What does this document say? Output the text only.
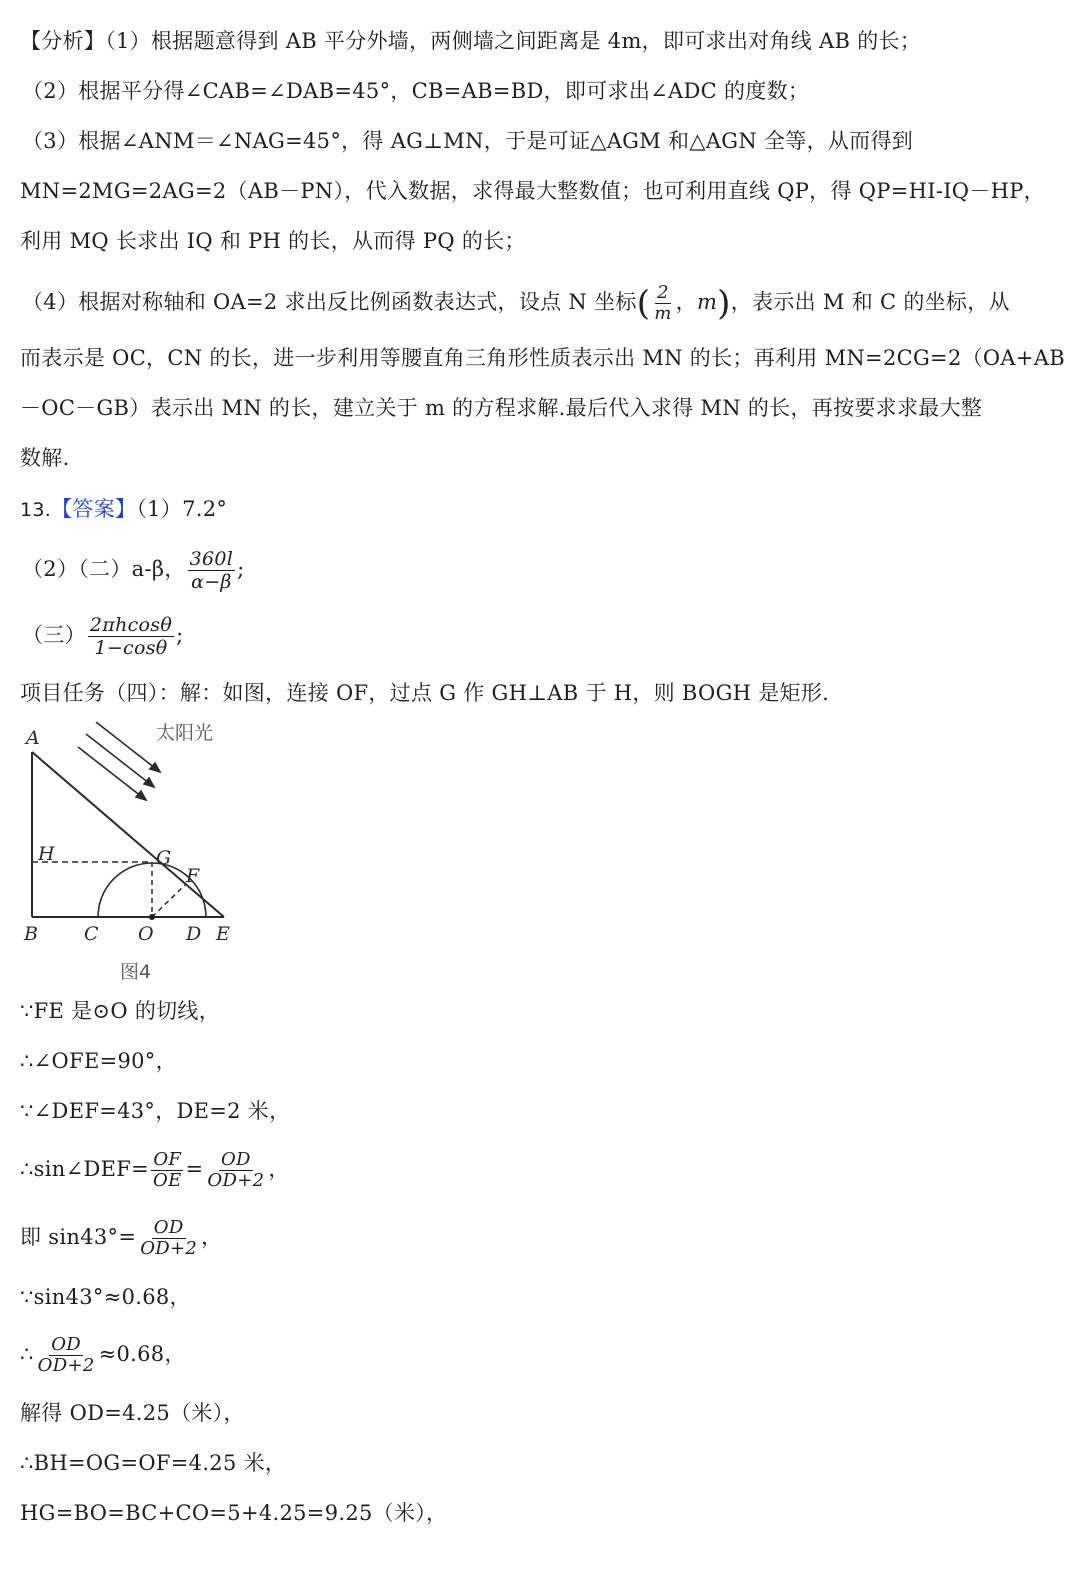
【分析】（1）根据题意得到 AB 平分外墙，两侧墙之间距离是 4m，即可求出对角线 AB 的长；
（2）根据平分得∠CAB=∠DAB=45°，CB=AB=BD，即可求出∠ADC 的度数；
（3）根据∠ANM＝∠NAG=45°，得 AG⊥MN，于是可证△AGM 和△AGN 全等，从而得到
MN=2MG=2AG=2（AB－PN），代入数据，求得最大整数值；也可利用直线 QP，得 QP=HI-IQ－HP，
利用 MQ 长求出 IQ 和 PH 的长，从而得 PQ 的长；
（4）根据对称轴和 OA=2 求出反比例函数表达式，设点 N 坐标( $\frac{2}{m}$ ，m)，表示出 M 和 C 的坐标，从
而表示是 OC，CN 的长，进一步利用等腰直角三角形性质表示出 MN 的长；再利用 MN=2CG=2（OA+AB
－OC－GB）表示出 MN 的长，建立关于 m 的方程求解.最后代入求得 MN 的长，再按要求求最大整
数解.
13.【答案】（1）7.2°
（2）（二）a-β， $\frac{360l}{\alpha-\beta}$ ;
（三） $\frac{2\pi hcos\theta}{1-\cos\theta}$ ;
项目任务（四）：解：如图，连接 OF，过点 G 作 GH⊥AB 于 H，则 BOGH 是矩形.
太阳光
A
H	G
F
B C O D E
图4
∵FE 是⊙O 的切线，
∴∠OFE=90°，
∵∠DEF=43°，DE=2 米，
∴sin∠DEF= $\frac{OF}{OE} = \frac{OD}{OD+2}$ ，
即 $\sin 43^\circ= \frac{OD}{OD+2}$ ，
∵sin43°≈0.68，
∴ $\frac{OD}{OD+2} \approx 0.68$，
解得 OD=4.25（米），
∴BH=OG=OF=4.25 米，
HG=BO=BC+CO=5+4.25=9.25（米），
